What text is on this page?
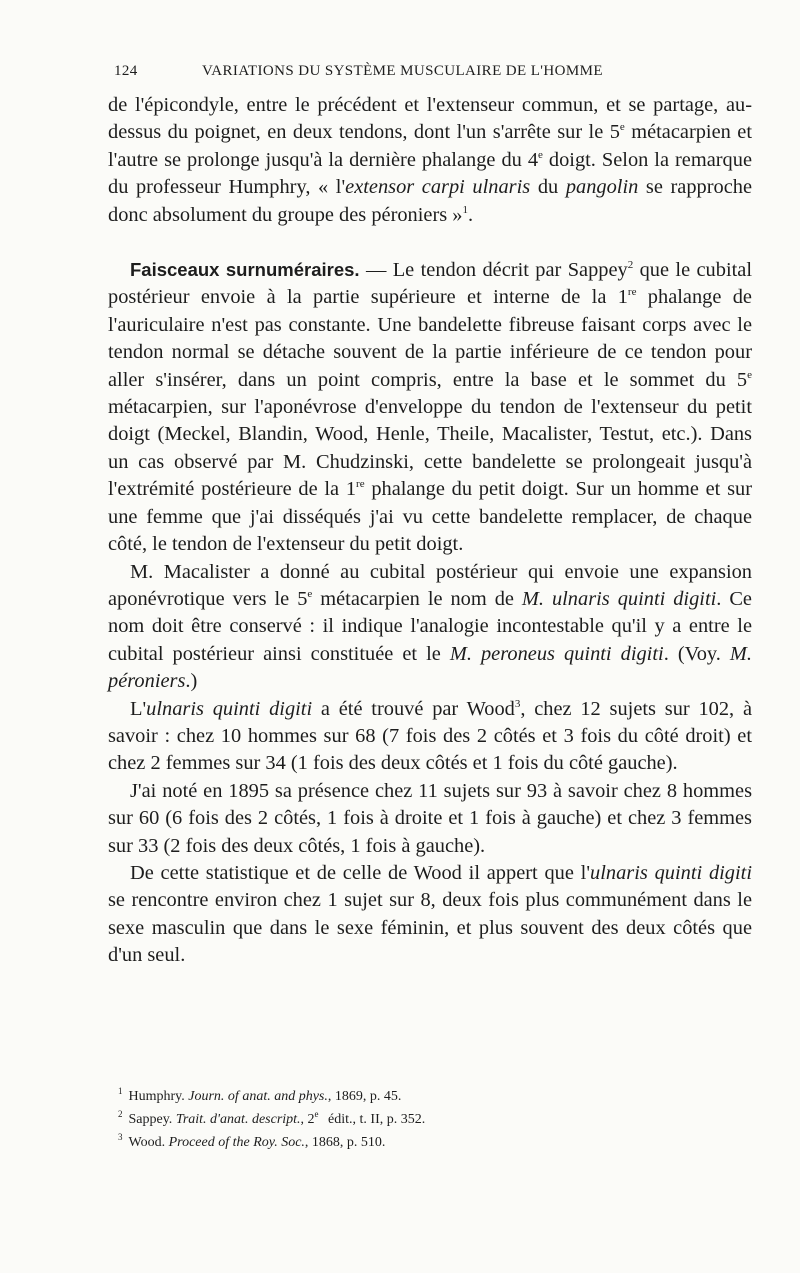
124	VARIATIONS DU SYSTÈME MUSCULAIRE DE L'HOMME

de l'épicondyle, entre le précédent et l'extenseur commun, et se partage, au-dessus du poignet, en deux tendons, dont l'un s'arrête sur le 5e métacarpien et l'autre se prolonge jusqu'à la dernière phalange du 4e doigt. Selon la remarque du professeur Humphry, « l'extensor carpi ulnaris du pangolin se rapproche donc absolument du groupe des péroniers »$^1$.

Faisceaux surnuméraires. — Le tendon décrit par Sappey$^2$ que le cubital postérieur envoie à la partie supérieure et interne de la 1re phalange de l'auriculaire n'est pas constante. Une bandelette fibreuse faisant corps avec le tendon normal se détache souvent de la partie inférieure de ce tendon pour aller s'insérer, dans un point compris, entre la base et le sommet du 5e métacarpien, sur l'aponévrose d'enveloppe du tendon de l'extenseur du petit doigt (Meckel, Blandin, Wood, Henle, Theile, Macalister, Testut, etc.). Dans un cas observé par M. Chudzinski, cette bandelette se prolongeait jusqu'à l'extrémité postérieure de la 1re phalange du petit doigt. Sur un homme et sur une femme que j'ai disséqués j'ai vu cette bandelette remplacer, de chaque côté, le tendon de l'extenseur du petit doigt.

M. Macalister a donné au cubital postérieur qui envoie une expansion aponévrotique vers le 5e métacarpien le nom de M. ulnaris quinti digiti. Ce nom doit être conservé : il indique l'analogie incontestable qu'il y a entre le cubital postérieur ainsi constituée et le M. peroneus quinti digiti. (Voy. M. péroniers.)

L'ulnaris quinti digiti a été trouvé par Wood$^3$, chez 12 sujets sur 102, à savoir : chez 10 hommes sur 68 (7 fois des 2 côtés et 3 fois du côté droit) et chez 2 femmes sur 34 (1 fois des deux côtés et 1 fois du côté gauche).

J'ai noté en 1895 sa présence chez 11 sujets sur 93 à savoir chez 8 hommes sur 60 (6 fois des 2 côtés, 1 fois à droite et 1 fois à gauche) et chez 3 femmes sur 33 (2 fois des deux côtés, 1 fois à gauche).

De cette statistique et de celle de Wood il appert que l'ulnaris quinti digiti se rencontre environ chez 1 sujet sur 8, deux fois plus communément dans le sexe masculin que dans le sexe féminin, et plus souvent des deux côtés que d'un seul.

$^1$ Humphry. Journ. of anat. and phys., 1869, p. 45.
$^2$ Sappey. Trait. d'anat. descript., 2e édit., t. II, p. 352.
$^3$ Wood. Proceed of the Roy. Soc., 1868, p. 510.
